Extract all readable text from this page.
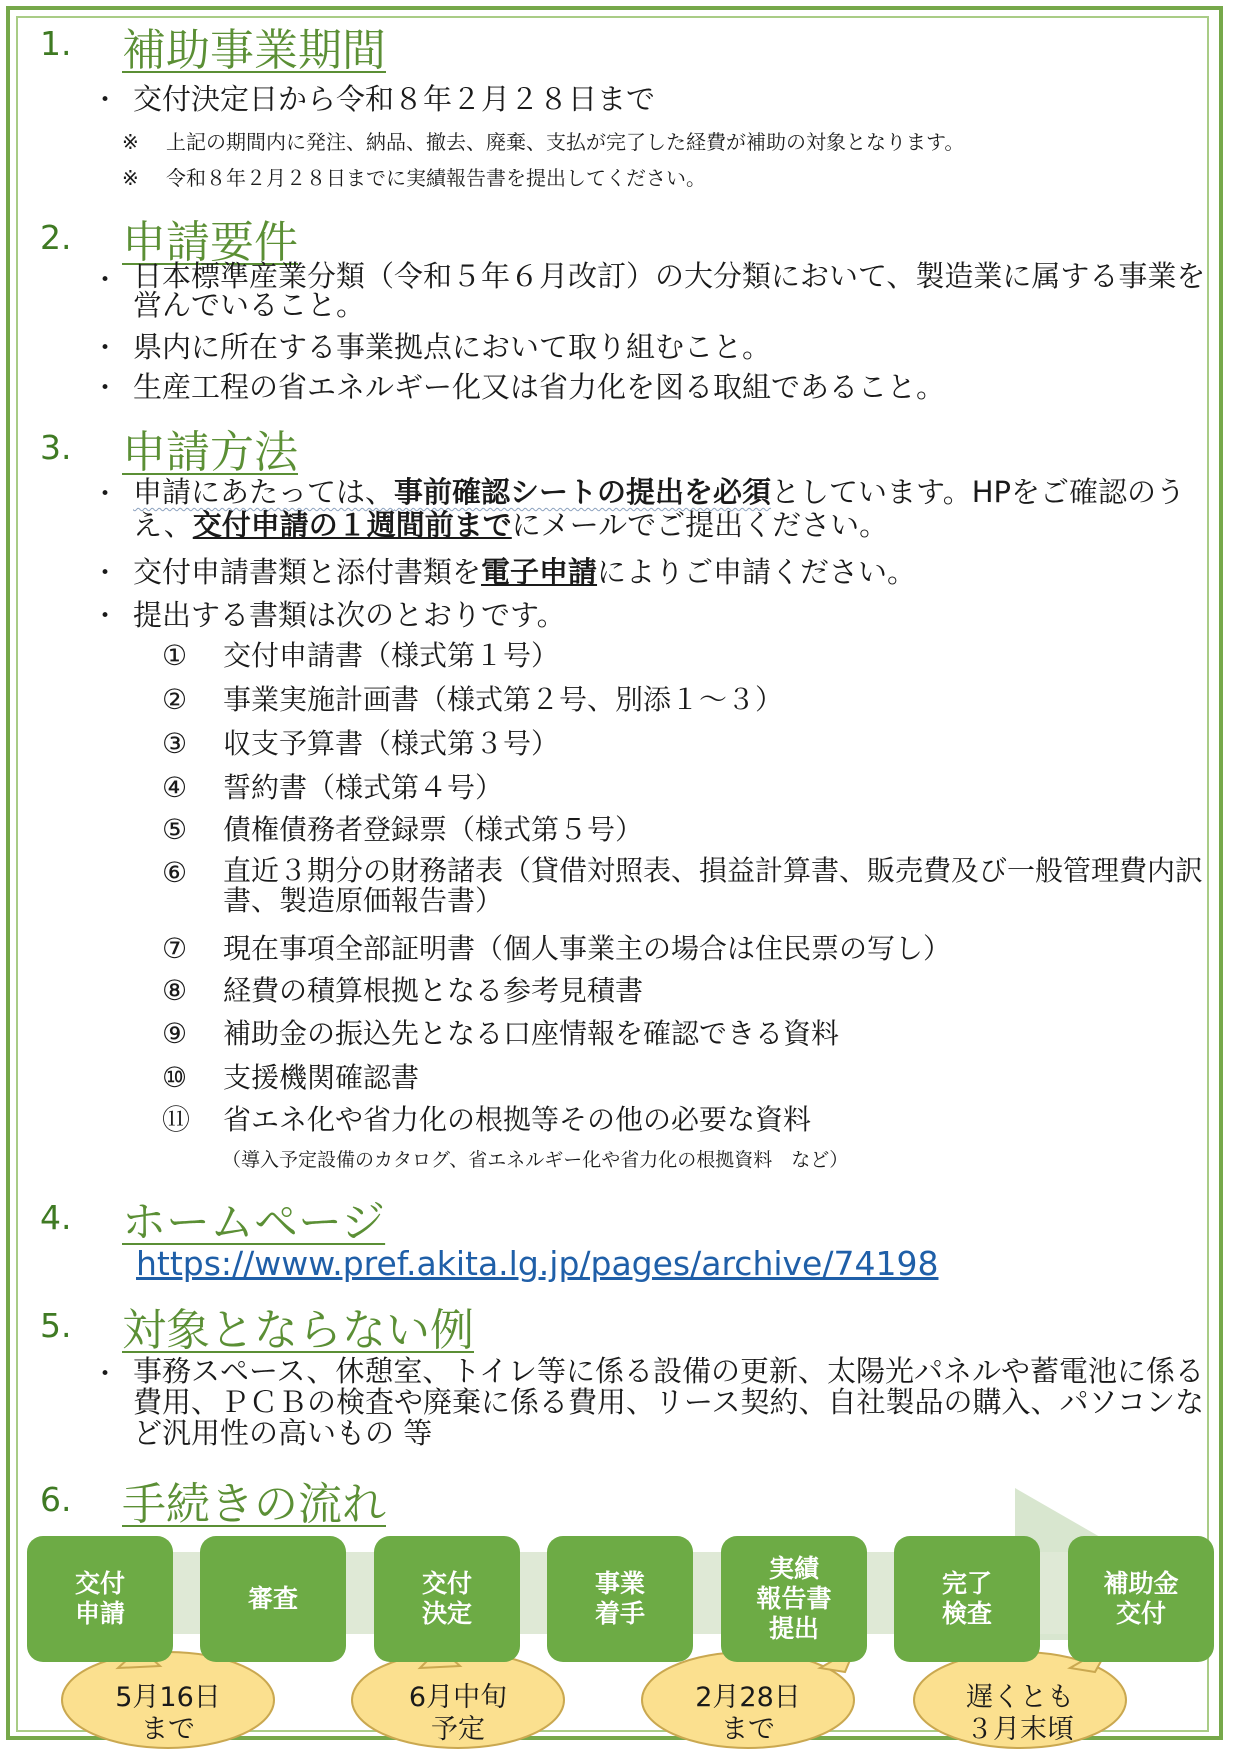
1. 補助事業期間
• 交付決定日から令和８年２月２８日まで
※ 上記の期間内に発注、納品、撤去、廃棄、支払が完了した経費が補助の対象となります。
※ 令和８年２月２８日までに実績報告書を提出してください。
2. 申請要件
• 日本標準産業分類（令和５年６月改訂）の大分類において、製造業に属する事業を営んでいること。
• 県内に所在する事業拠点において取り組むこと。
• 生産工程の省エネルギー化又は省力化を図る取組であること。
3. 申請方法
• 申請にあたっては、事前確認シートの提出を必須としています。HPをご確認のうえ、交付申請の１週間前までにメールでご提出ください。
• 交付申請書類と添付書類を電子申請によりご申請ください。
• 提出する書類は次のとおりです。
① 交付申請書（様式第１号）
② 事業実施計画書（様式第２号、別添１～３）
③ 収支予算書（様式第３号）
④ 誓約書（様式第４号）
⑤ 債権債務者登録票（様式第５号）
⑥ 直近３期分の財務諸表（貸借対照表、損益計算書、販売費及び一般管理費内訳書、製造原価報告書）
⑦ 現在事項全部証明書（個人事業主の場合は住民票の写し）
⑧ 経費の積算根拠となる参考見積書
⑨ 補助金の振込先となる口座情報を確認できる資料
⑩ 支援機関確認書
⑪ 省エネ化や省力化の根拠等その他の必要な資料
（導入予定設備のカタログ、省エネルギー化や省力化の根拠資料　など）
4. ホームページ
https://www.pref.akita.lg.jp/pages/archive/74198
5. 対象とならない例
• 事務スペース、休憩室、トイレ等に係る設備の更新、太陽光パネルや蓄電池に係る費用、ＰＣＢの検査や廃棄に係る費用、リース契約、自社製品の購入、パソコンなど汎用性の高いもの 等
6. 手続きの流れ
交付
申請
審査
交付
決定
事業
着手
実績
報告書
提出
完了
検査
補助金
交付
5月16日
まで
6月中旬
予定
2月28日
まで
遅くとも
３月末頃
